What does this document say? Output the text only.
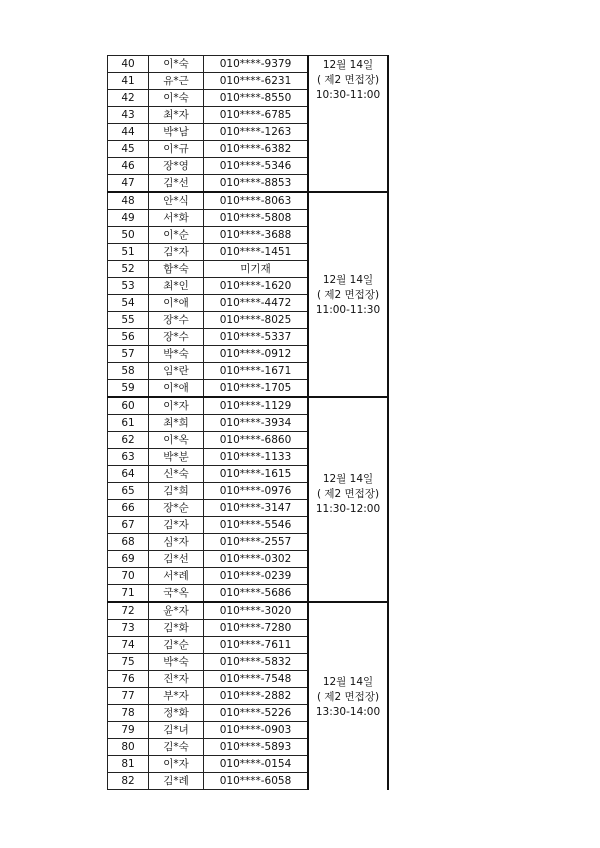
40	이*숙	010****-9379	12월 14일
( 제2 면접장)
10:30-11:00

41	유*근	010****-6231	
42	이*숙	010****-8550	
43	최*자	010****-6785	
44	박*남	010****-1263	
45	이*규	010****-6382	
46	장*영	010****-5346	
47	김*선	010****-8853	
48	안*식	010****-8063	12월 14일
( 제2 면접장)
11:00-11:30

49	서*화	010****-5808	
50	이*순	010****-3688	
51	김*자	010****-1451	
52	함*숙	미기재	
53	최*인	010****-1620	
54	이*애	010****-4472	
55	장*수	010****-8025	
56	장*수	010****-5337	
57	박*숙	010****-0912	
58	임*란	010****-1671	
59	이*애	010****-1705	
60	이*자	010****-1129	12월 14일
( 제2 면접장)
11:30-12:00

61	최*희	010****-3934	
62	이*옥	010****-6860	
63	박*분	010****-1133	
64	신*숙	010****-1615	
65	김*희	010****-0976	
66	장*순	010****-3147	
67	김*자	010****-5546	
68	심*자	010****-2557	
69	김*선	010****-0302	
70	서*례	010****-0239	
71	국*옥	010****-5686	
72	윤*자	010****-3020	12월 14일
( 제2 면접장)
13:30-14:00

73	김*화	010****-7280	
74	김*순	010****-7611	
75	박*숙	010****-5832	
76	진*자	010****-7548	
77	부*자	010****-2882	
78	정*화	010****-5226	
79	김*녀	010****-0903	
80	김*숙	010****-5893	
81	이*자	010****-0154	
82	김*례	010****-6058	
